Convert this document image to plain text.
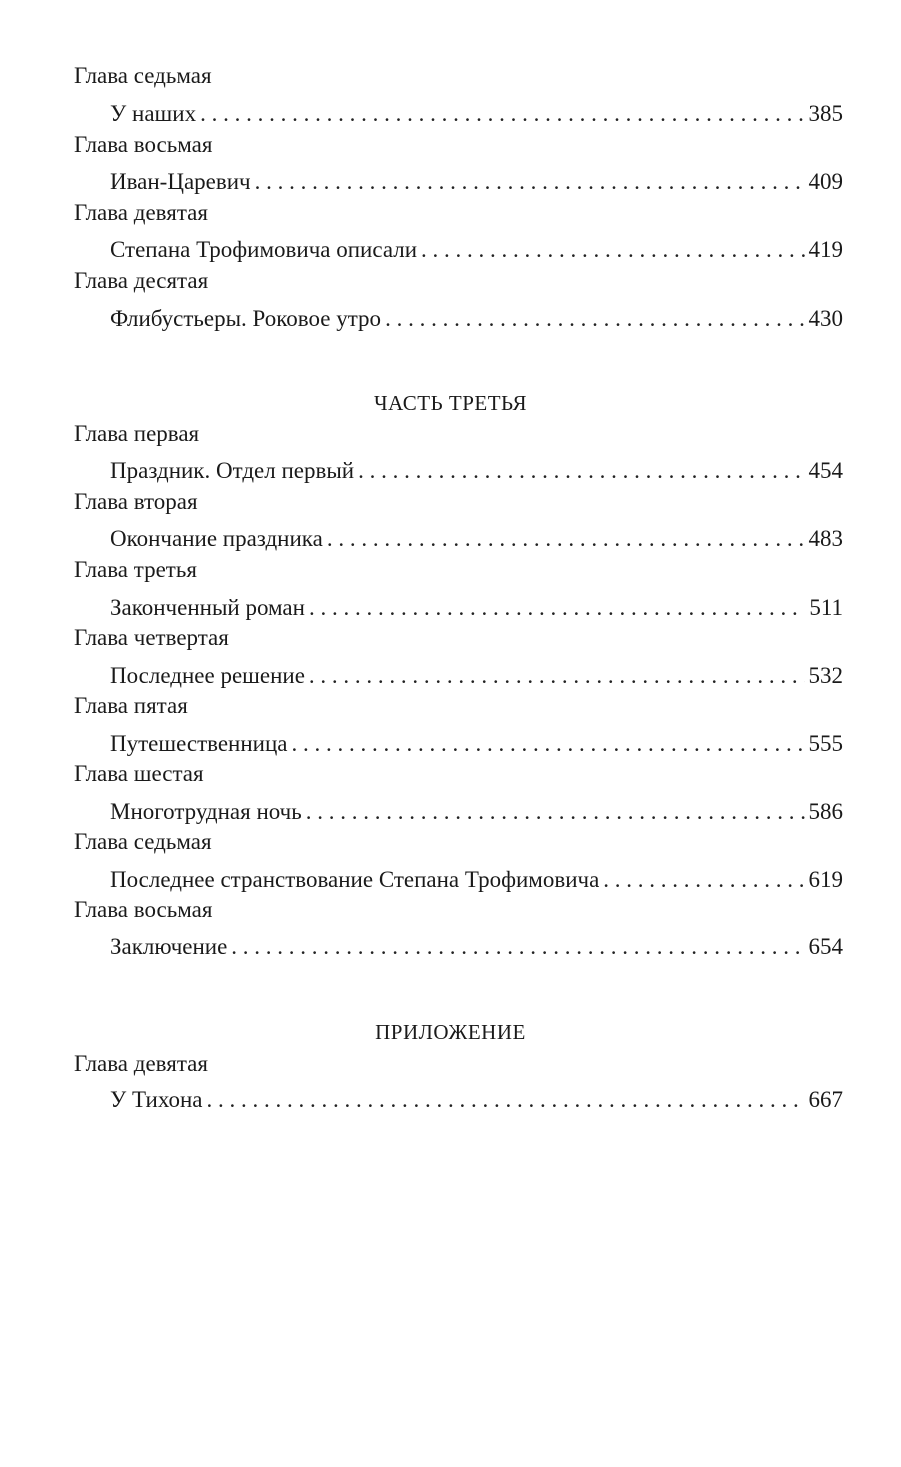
Глава седьмая
У наших . . .	385
Глава восьмая
Иван-Царевич . . .	409
Глава девятая
Степана Трофимовича описали . . .	419
Глава десятая
Флибустьеры. Роковое утро . . .	430
ЧАСТЬ ТРЕТЬЯ
Глава первая
Праздник. Отдел первый . . .	454
Глава вторая
Окончание праздника . . .	483
Глава третья
Законченный роман . . .	511
Глава четвертая
Последнее решение . . .	532
Глава пятая
Путешественница . . .	555
Глава шестая
Многотрудная ночь . . .	586
Глава седьмая
Последнее странствование Степана Трофимовича . . .	619
Глава восьмая
Заключение . . .	654
ПРИЛОЖЕНИЕ
Глава девятая
У Тихона . . .	667
